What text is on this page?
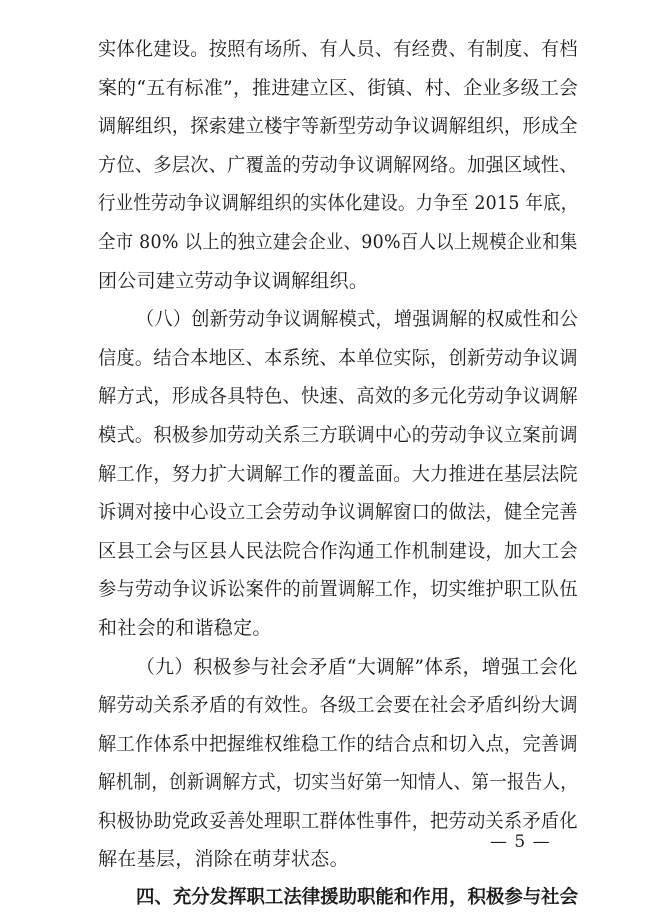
实体化建设。按照有场所、有人员、有经费、有制度、有档
案的“五有标准”，推进建立区、街镇、村、企业多级工会
调解组织，探索建立楼宇等新型劳动争议调解组织，形成全
方位、多层次、广覆盖的劳动争议调解网络。加强区域性、
行业性劳动争议调解组织的实体化建设。力争至 2015 年底，
全市 80% 以上的独立建会企业、90%百人以上规模企业和集
团公司建立劳动争议调解组织。
（八）创新劳动争议调解模式，增强调解的权威性和公
信度。结合本地区、本系统、本单位实际，创新劳动争议调
解方式，形成各具特色、快速、高效的多元化劳动争议调解
模式。积极参加劳动关系三方联调中心的劳动争议立案前调
解工作，努力扩大调解工作的覆盖面。大力推进在基层法院
诉调对接中心设立工会劳动争议调解窗口的做法，健全完善
区县工会与区县人民法院合作沟通工作机制建设，加大工会
参与劳动争议诉讼案件的前置调解工作，切实维护职工队伍
和社会的和谐稳定。
（九）积极参与社会矛盾“大调解”体系，增强工会化
解劳动关系矛盾的有效性。各级工会要在社会矛盾纠纷大调
解工作体系中把握维权维稳工作的结合点和切入点，完善调
解机制，创新调解方式，切实当好第一知情人、第一报告人，
积极协助党政妥善处理职工群体性事件，把劳动关系矛盾化
解在基层，消除在萌芽状态。
四、充分发挥职工法律援助职能和作用，积极参与社会
— 5 —
